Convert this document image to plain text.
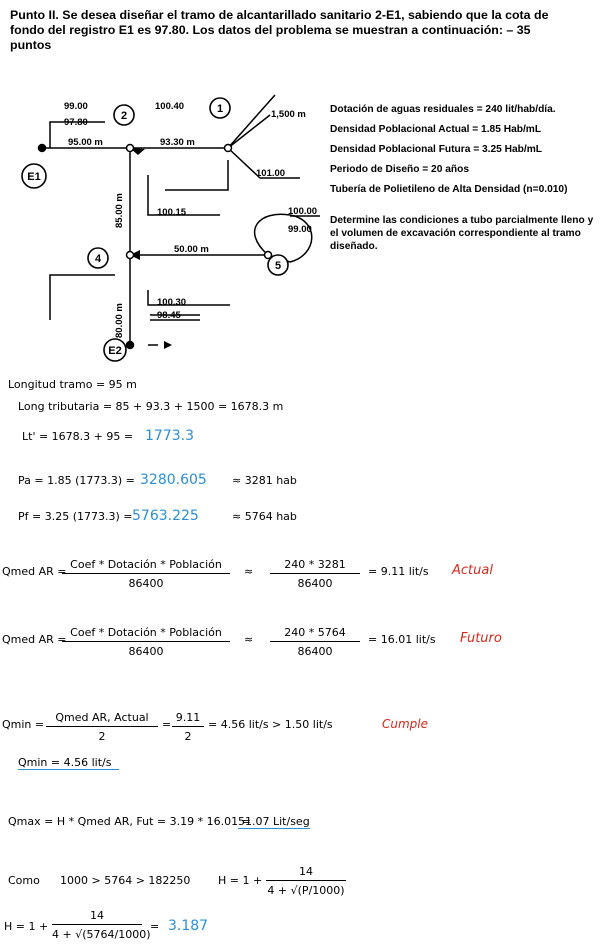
Punto II. Se desea diseñar el tramo de alcantarillado sanitario 2-E1, sabiendo que la cota de
fondo del registro E1 es 97.80. Los datos del problema se muestran a continuación: – 35
puntos
2
1
E1
4
5
E2
99.00
97.80
100.40
1,500 m
95.00 m	93.30 m
101.00
100.15	100.00
99.00
50.00 m
100.30
98.45
85.00 m
80.00 m
Dotación de aguas residuales = 240 lit/hab/día.
Densidad Poblacional Actual = 1.85 Hab/mL
Densidad Poblacional Futura = 3.25 Hab/mL
Periodo de Diseño = 20 años
Tubería de Polietileno de Alta Densidad (n=0.010)
Determine las condiciones a tubo parcialmente lleno y
el volumen de excavación correspondiente al tramo
diseñado.
Longitud tramo = 95 m
Long tributaria = 85 + 93.3 + 1500 = 1678.3 m
Lt' = 1678.3 + 95 = 1773.3
Pa = 1.85 (1773.3) = 3280.605 ≈ 3281 hab
Pf = 3.25 (1773.3) = 5763.225	≈ 5764 hab
Qmed AR =
Coef * Dotación * Población
86400
≈ $\frac{240 * 3281}{86400} = 9.11$ lit/s Actual
Qmed AR =
Coef * Dotación * Población
86400
≈ $\frac{240 * 5764}{86400} = 16.01$ lit/s Futuro
Qmin =
Qmed AR, Actual
2
= $\frac{9.11}{2} = 4.56$ lit/s > 1.50 lit/s	Cumple
Qmin = 4.56 lit/s
Qmax = H * Qmed AR, Fut = 3.19 * 16.01 =
51.07 Lit/seg
Como 1000 > 5764 > 182250	$H = 1 + \frac{14}{4 + √(P/1000)}$
$H = 1 + \frac{14}{4 + √(5764/1000)} = 3.187$
